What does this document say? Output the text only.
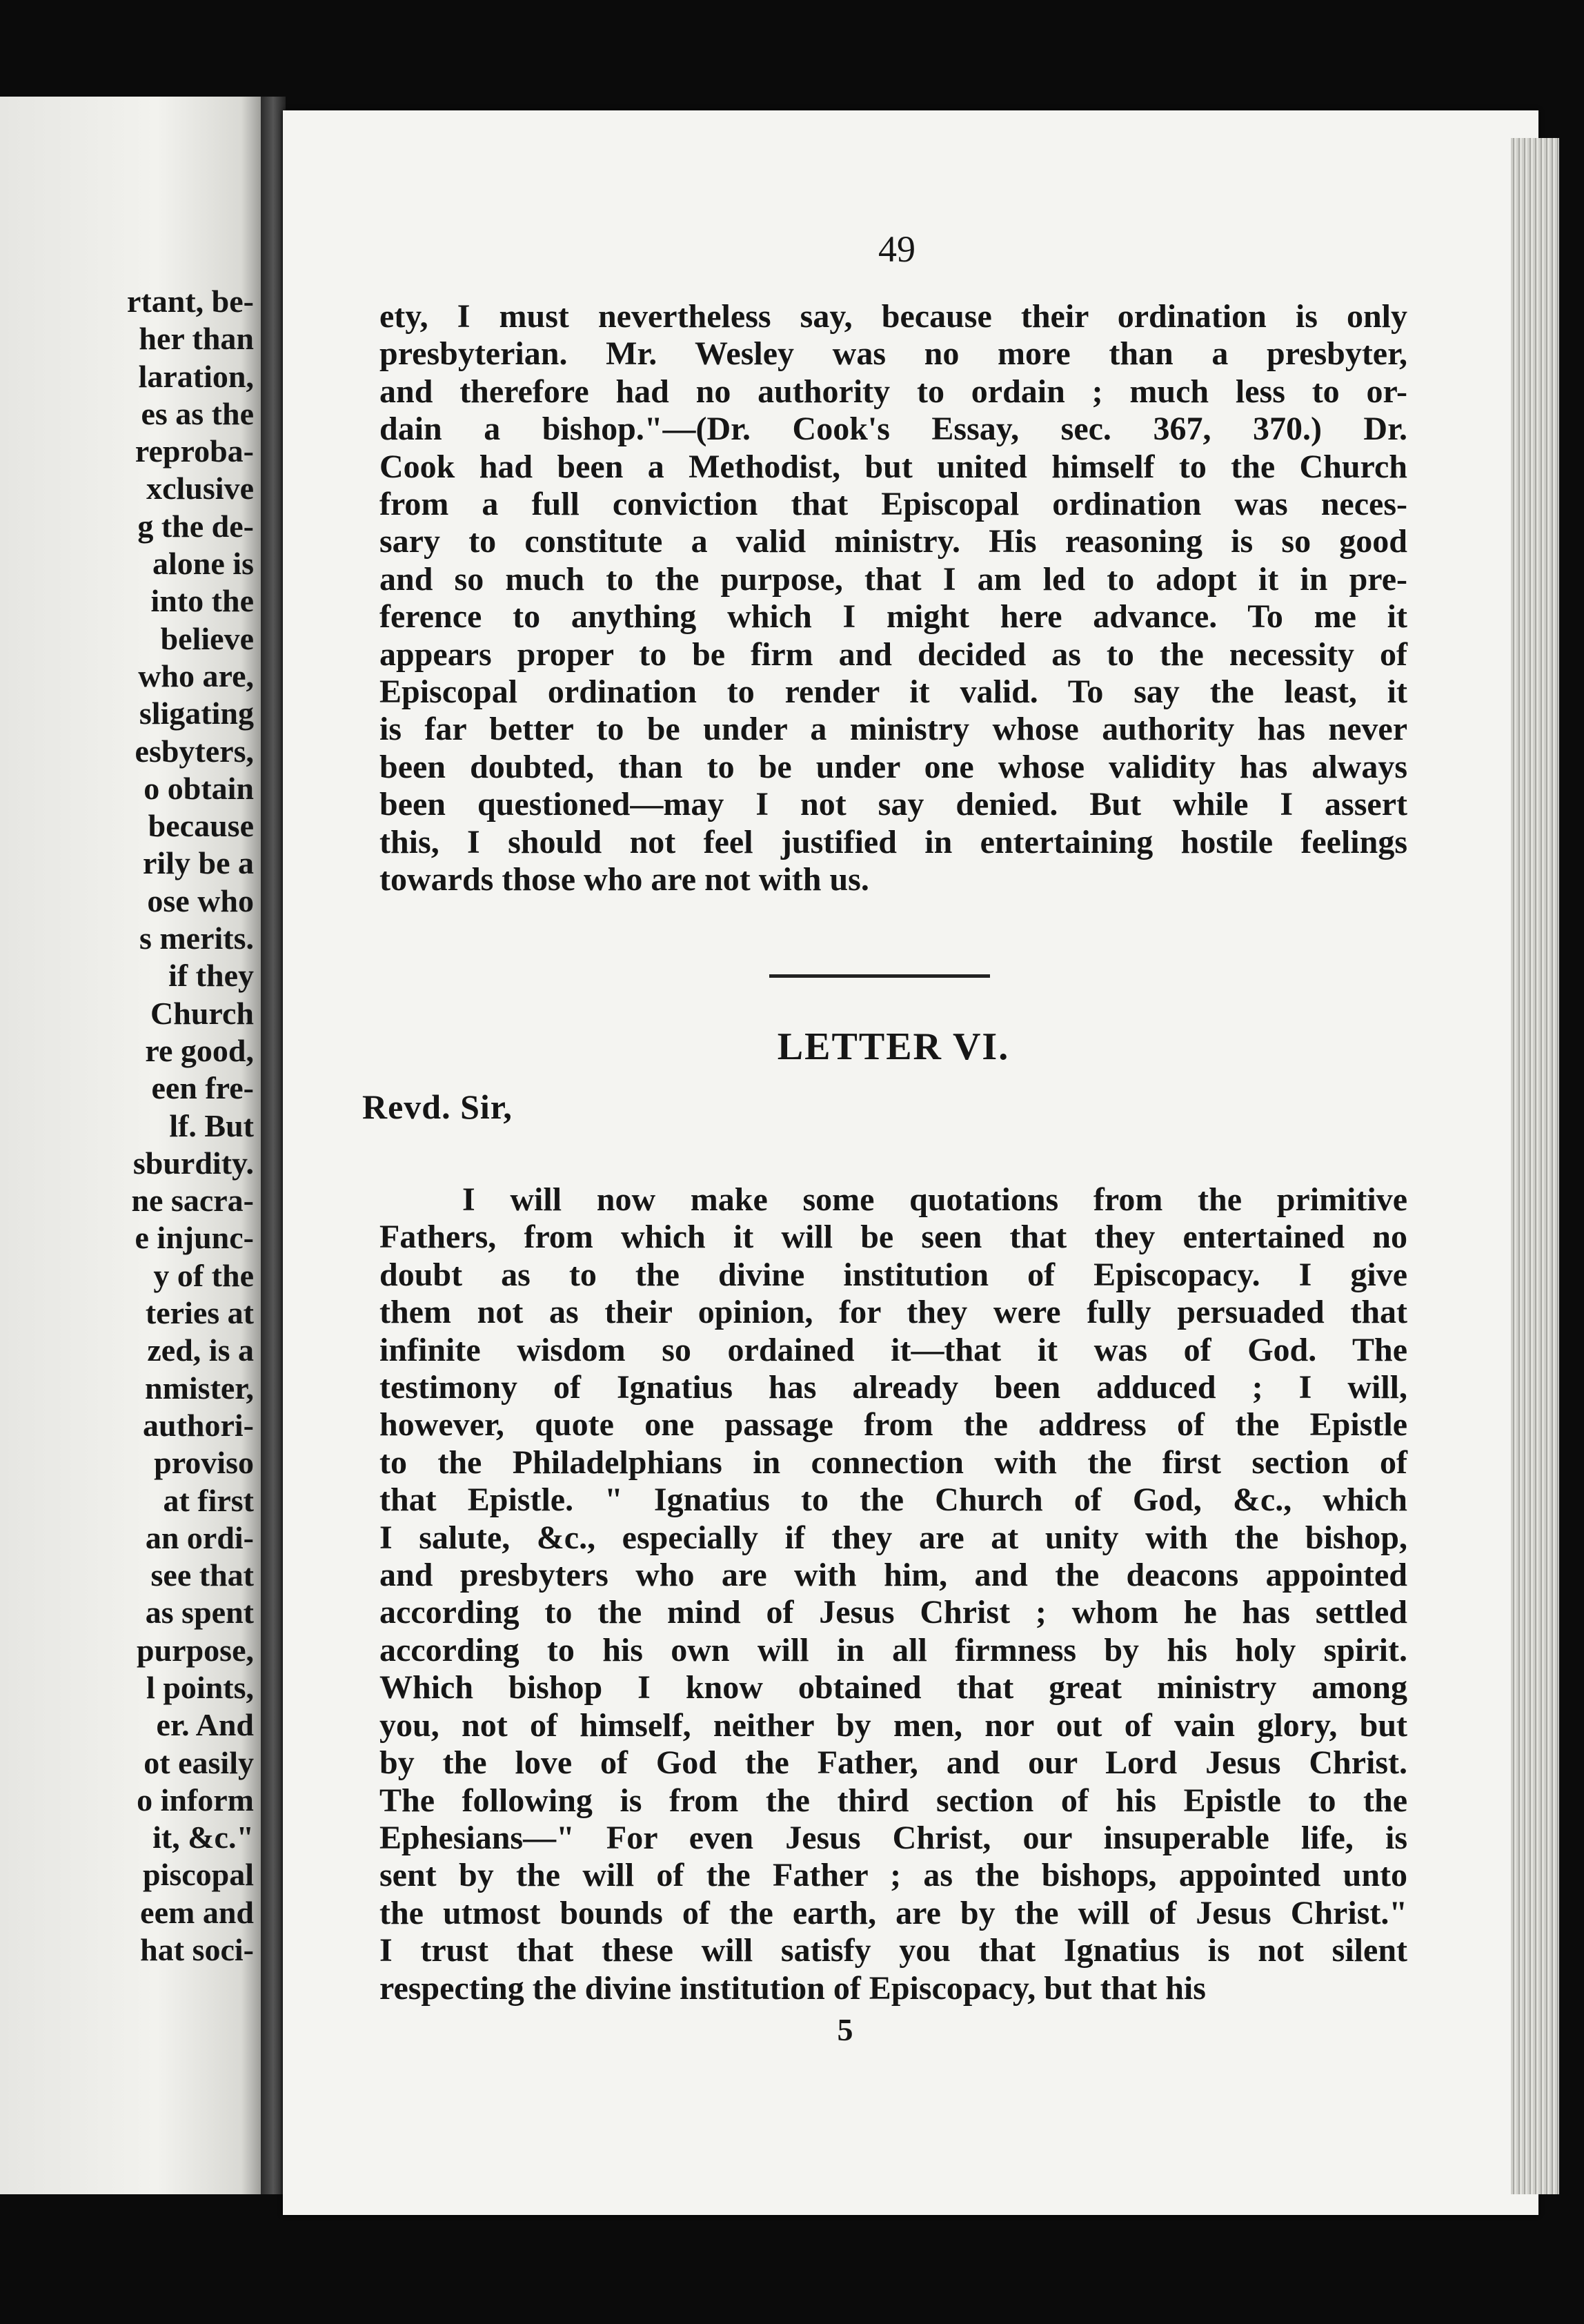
rtant, be-
her than
laration,
es as the
reproba-
xclusive
g the de-
alone is
into the
believe
who are,
sligating
esbyters,
o obtain
because
rily be a
ose who
s merits.
if they
Church
re good,
een fre-
lf. But
sburdity.
ne sacra-
e injunc-
y of the
teries at
zed, is a
nmister,
authori-
proviso
at first
an ordi-
see that
as spent
purpose,
l points,
er. And
ot easily
o inform
it, &c."
piscopal
eem and
hat soci-
49
ety, I must nevertheless say, because their ordination is only
presbyterian. Mr. Wesley was no more than a presbyter,
and therefore had no authority to ordain ; much less to or-
dain a bishop."—(Dr. Cook's Essay, sec. 367, 370.) Dr.
Cook had been a Methodist, but united himself to the Church
from a full conviction that Episcopal ordination was neces-
sary to constitute a valid ministry. His reasoning is so good
and so much to the purpose, that I am led to adopt it in pre-
ference to anything which I might here advance. To me it
appears proper to be firm and decided as to the necessity of
Episcopal ordination to render it valid. To say the least, it
is far better to be under a ministry whose authority has never
been doubted, than to be under one whose validity has always
been questioned—may I not say denied. But while I assert
this, I should not feel justified in entertaining hostile feelings
towards those who are not with us.
LETTER VI.
Revd. Sir,
I will now make some quotations from the primitive
Fathers, from which it will be seen that they entertained no
doubt as to the divine institution of Episcopacy. I give
them not as their opinion, for they were fully persuaded that
infinite wisdom so ordained it—that it was of God. The
testimony of Ignatius has already been adduced ; I will,
however, quote one passage from the address of the Epistle
to the Philadelphians in connection with the first section of
that Epistle. " Ignatius to the Church of God, &c., which
I salute, &c., especially if they are at unity with the bishop,
and presbyters who are with him, and the deacons appointed
according to the mind of Jesus Christ ; whom he has settled
according to his own will in all firmness by his holy spirit.
Which bishop I know obtained that great ministry among
you, not of himself, neither by men, nor out of vain glory, but
by the love of God the Father, and our Lord Jesus Christ.
The following is from the third section of his Epistle to the
Ephesians—" For even Jesus Christ, our insuperable life, is
sent by the will of the Father ; as the bishops, appointed unto
the utmost bounds of the earth, are by the will of Jesus Christ."
I trust that these will satisfy you that Ignatius is not silent
respecting the divine institution of Episcopacy, but that his
5
